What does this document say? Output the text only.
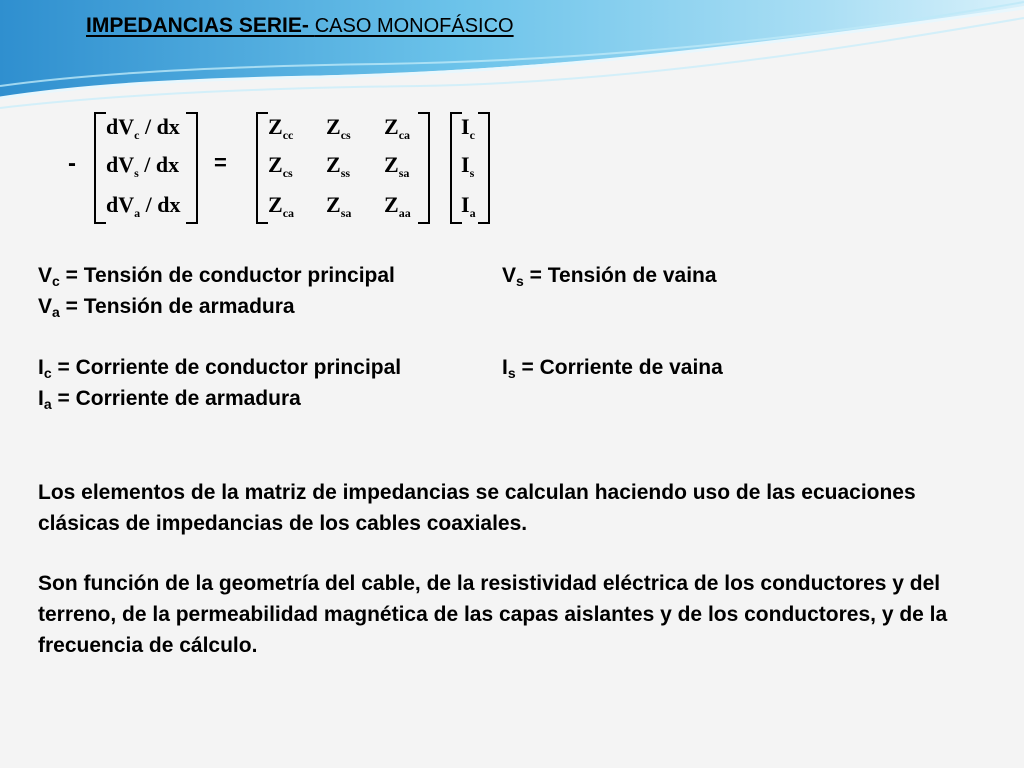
IMPEDANCIAS SERIE- CASO MONOFÁSICO
-
$dV_c$ / dx
$dV_s$ / dx
$dV_a$ / dx
=
$Z_{cc}$ $Z_{cs}$ $Z_{ca}$
$Z_{cs}$ $Z_{ss}$ $Z_{sa}$
$Z_{ca}$ $Z_{sa}$ $Z_{aa}$
$I_c$
$I_s$
$I_a$
$V_c$ = Tensión de conductor principal	$V_s$ = Tensión de vaina
$V_a$ = Tensión de armadura
$I_c$ = Corriente de conductor principal	$I_s$ = Corriente de vaina
$I_a$ = Corriente de armadura
Los elementos de la matriz de impedancias se calculan haciendo uso de las ecuaciones clásicas de impedancias de los cables coaxiales.
Son función de la geometría del cable, de la resistividad eléctrica de los conductores y del terreno, de la permeabilidad magnética de las capas aislantes y de los conductores, y de la frecuencia de cálculo.
